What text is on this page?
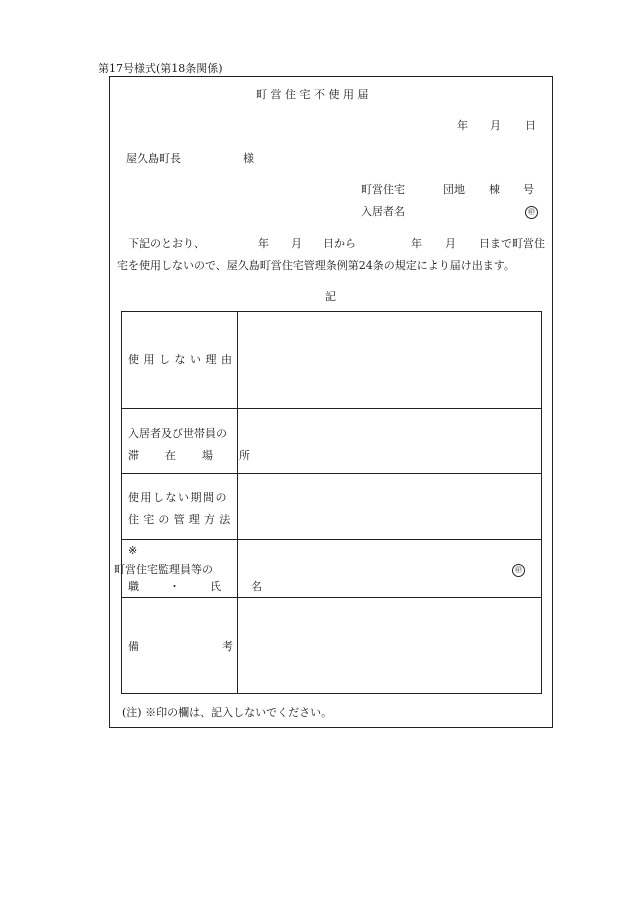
第17号様式(第18条関係)
町 営 住 宅 不 使 用 届
年 月 日
屋久島町長	様
町営住宅	団地 棟 号
入居者名	㊞
下記のとおり、	年 月 日から	年 月 日まで町営住
宅を使用しないので、屋久島町営住宅管理条例第24条の規定により届け出ます。
記
使用しない理由
入居者及び世帯員の
滞在場所
使用しない期間の
住宅の管理方法
※
町営住宅監理員等の
職・氏名
㊞
備考
(注) ※印の欄は、記入しないでください。
